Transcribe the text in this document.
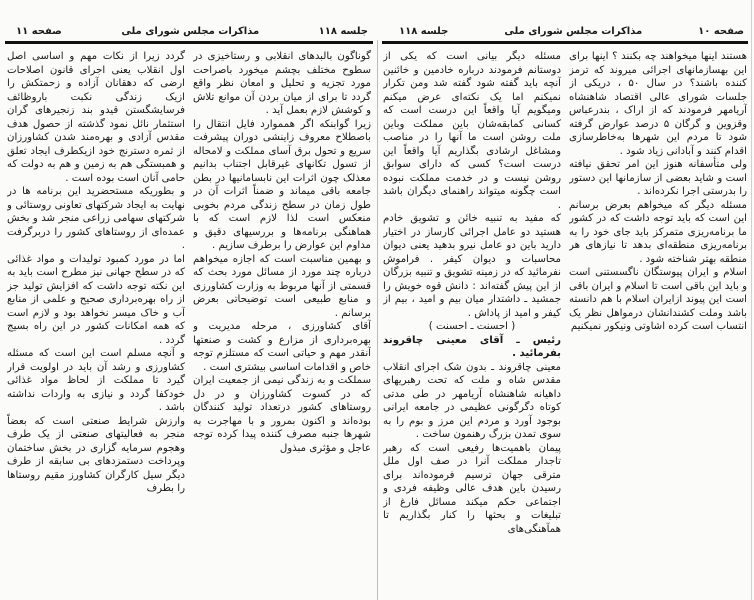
جلسه ۱۱۸
مذاکرات مجلس شورای ملی
صفحه ۱۱

گوناگون بالبدهای انقلابی و رستاخیزی در سطوح مختلف بچشم میخورد باصراحت مورد تجزیه و تحلیل و امعان نظر واقع گردد تا برای از میان بردن آن موانع تلاش و کوشش لازم بعمل آید .

زیرا گوابنکه اگر همموارد فایل انتقال را باصطلاح معروف زاینشی دوران پیشرفت سریع و تحول برق آسای مملکت و لامحاله از تسول تکانهای غیرقابل اجتناب بدانیم معذلک چون اثرات این نابسامانیها در بطن جامعه باقی میماند و ضمناً اثرات آن در طول زمان در سطح زندگی مردم بخوبی منعکس است لذا لازم است که با هماهنگی برنامه‌ها و بررسیهای دقیق و مداوم این عوارض را برطرف سازیم .

و بهمین مناسبت است که اجازه میخواهم درباره چند مورد از مسائل مورد بحث که قسمتی از آنها مربوط به وزارت کشاورزی و منابع طبیعی است توضیحاتی بعرض برسانم .

آقای کشاورزی ، مرحله مدیریت و بهره‌برداری از مزارع و کشت و صنعتها آنقدر مهم و حیاتی است که مستلزم توجه خاص و اقدامات اساسی بیشتری است .

سملکت و به زندگی نیمی از جمعیت ایران که در کسوت کشاورزان و در دل روستاهای کشور درتعداد تولید کنندگان بوده‌اند و اکنون بمرور و با مهاجرت به شهرها جنبه مصرف کننده پیدا کرده توجه عاجل و مؤثری مبذول

گردد زیرا از نکات مهم و اساسی اصل اول انقلاب یعنی اجرای قانون اصلاحات ارضی که دهقانان آزاده و زحمتکش را ازیک زندگی نکبت باروظائف فرسایشگستن قیدو بند زنجیرهای گران استثمار نائل نمود گذشته از حصول هدف مقدس آزادی و بهره‌مند شدن کشاورزان از ثمره دسترنج خود ازیکطرف ایجاد تعلق و همبستگی هم به زمین و هم به دولت که حامی آنان است بوده است .

و بطوریکه مستحضرید این برنامه ها در نهایت به ایجاد شرکتهای تعاونی روستائی و شرکتهای سهامی زراعی منجر شد و بخش عمده‌ای از روستاهای کشور را دربرگرفت .

اما در مورد کمبود تولیدات و مواد غذائی که در سطح جهانی نیز مطرح است باید به این نکته توجه داشت که افزایش تولید جز از راه بهره‌برداری صحیح و علمی از منابع آب و خاک میسر نخواهد بود و لازم است که همه امکانات کشور در این راه بسیج گردد .

و آنچه مسلم است این است که مسئله کشاورزی و رشد آن باید در اولویت قرار گیرد تا مملکت از لحاظ مواد غذائی خودکفا گردد و نیازی به واردات نداشته باشد .

وارزش شرایط صنعتی است که بعضاً منجر به فعالیتهای صنعتی از یک طرف وهجوم سرمایه گزاری در بخش ساختمان وپرداخت دستمزدهای بی سابقه از طرف دیگر سیل کارگران کشاورز مقیم روستاها را بطرف

صفحه ۱۰
مذاکرات مجلس شورای ملی
جلسه ۱۱۸

هستند اینها میخواهند چه بکنند ؟ اینها برای این بهسازمانهای اجرائی میروند که ترمز کننده باشند؟ در سال ۵۰ ، دریکی از جلسات شورای عالی اقتصاد شاهنشاه آریامهر فرمودند که از اراک ، بندرعباس وقزوین و گرگان ۵ درصد عوارض گرفته شود تا مردم این شهرها به‌خاطرسازی اقدام کنند و آبادانی زیاد شود .

ولی متأسفانه هنوز این امر تحقق نیافته است و شاید بعضی از سازمانها این دستور را بدرستی اجرا نکرده‌اند .

مسئله دیگر که میخواهم بعرض برسانم این است که باید توجه داشت که در کشور ما برنامه‌ریزی متمرکز باید جای خود را به برنامه‌ریزی منطقه‌ای بدهد تا نیازهای هر منطقه بهتر شناخته شود .

اسلام و ایران پیوستگان ناگسستنی است و باید این باقی است تا اسلام و ایران باقی است این پیوند ازایران اسلام با هم دانسته باشد وملت کشندانشان درمواهل نظر یک انتساب است کرده اشاوتی ونیکور نمیکنیم

مسئله دیگر بیانی است که یکی از دوستانم فرمودند درباره خادمین و خائنین آنچه باید گفته شود گفته شد ومن تکرار نمیکنم اما یک نکته‌ای عرض میکنم ومیگویم آیا واقعاً این درست است که کسانی کمابقه‌شان باین مملکت وباین ملت روشن است ما آنها را در مناصب ومشاغل ارشادی بگذاریم آیا واقعاً این درست است؟ کسی که دارای سوابق روشن نیست و در خدمت مملکت نبوده است چگونه میتواند راهنمای دیگران باشد .

که مفید به تنبیه خائن و تشویق خادم هستید دو عامل اجرائی کارساز در اختیار دارید باین دو عامل نیرو بدهید یعنی دیوان محاسبات و دیوان کیفر . فراموش نفرمائید که در زمینه تشویق و تنبیه بزرگان از این پیش گفته‌اند : دانش قوه خویش را جمشید ـ داشتدار میان بیم و امید ، بیم از کیفر و امید از پاداش .

( احسنت ـ احسنت )

رئیس ـ آقای معینی چاقروند بفرمائید .

معینی چاقروند ـ بدون شک اجرای انقلاب مقدس شاه و ملت که تحت رهبریهای داهیانه شاهنشاه آریامهر در طی مدتی کوتاه دگرگونی عظیمی در جامعه ایرانی بوجود آورد و مردم این مرز و بوم را به سوی تمدن بزرگ رهنمون ساخت .

پیمان باهمیت‌ها رفیعی است که رهبر تاجدار مملکت آنرا در صف اول ملل مترقی جهان ترسیم فرموده‌اند برای رسیدن باین هدف عالی وظیفه فردی و اجتماعی حکم میکند مسائل فارغ از تبلیغات و بحثها را کنار بگذاریم تا همآهنگی‌های
